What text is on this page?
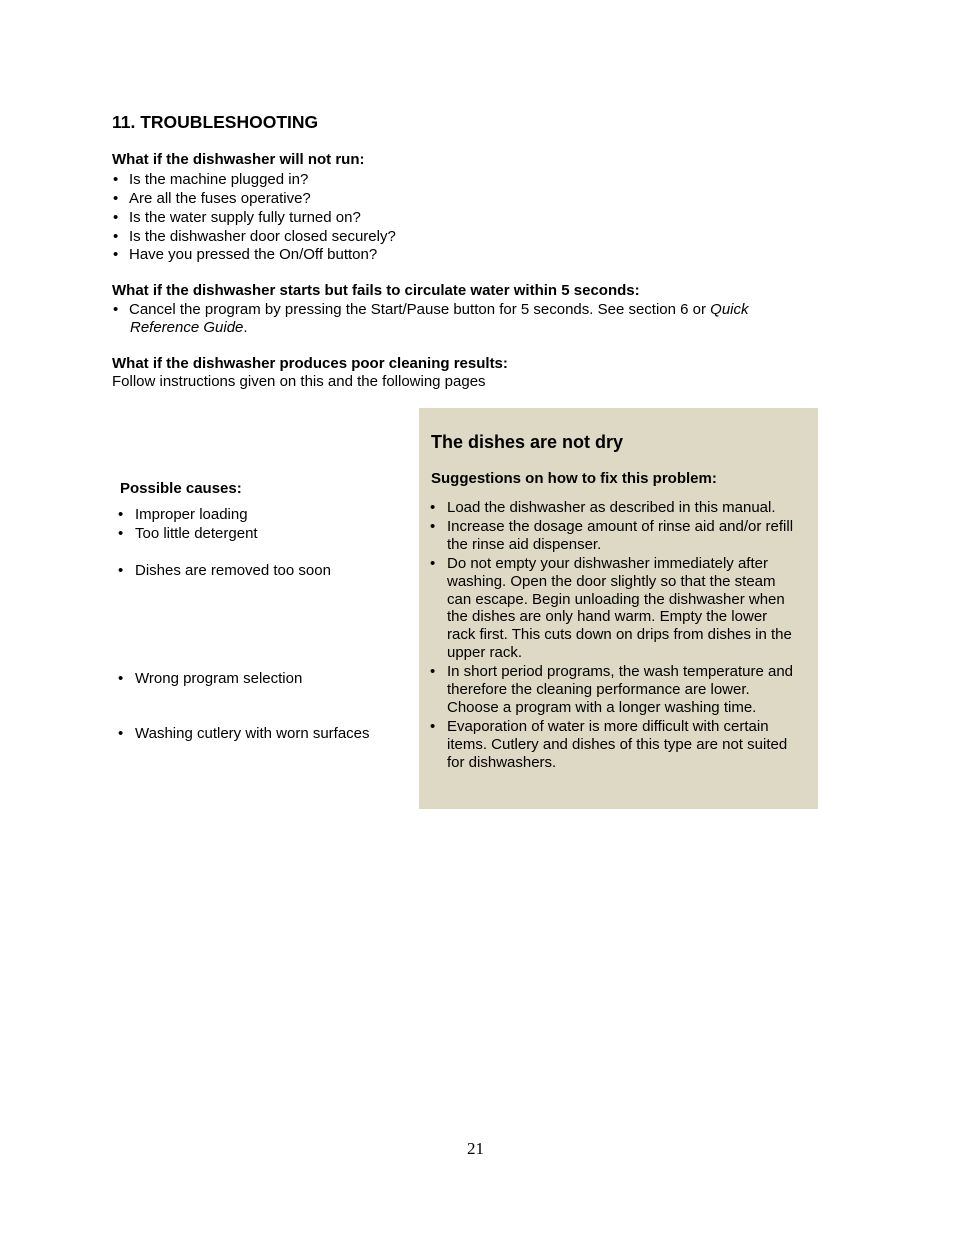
11. TROUBLESHOOTING
What if the dishwasher will not run:
• Is the machine plugged in?
• Are all the fuses operative?
• Is the water supply fully turned on?
• Is the dishwasher door closed securely?
• Have you pressed the On/Off button?
What if the dishwasher starts but fails to circulate water within 5 seconds:
• Cancel the program by pressing the Start/Pause button for 5 seconds. See section 6 or Quick
Reference Guide.
What if the dishwasher produces poor cleaning results:
Follow instructions given on this and the following pages
Possible causes:
• Improper loading
• Too little detergent
• Dishes are removed too soon
• Wrong program selection
• Washing cutlery with worn surfaces
The dishes are not dry
Suggestions on how to fix this problem:
• Load the dishwasher as described in this manual.
• Increase the dosage amount of rinse aid and/or refill
the rinse aid dispenser.
• Do not empty your dishwasher immediately after
washing. Open the door slightly so that the steam
can escape. Begin unloading the dishwasher when
the dishes are only hand warm. Empty the lower
rack first. This cuts down on drips from dishes in the
upper rack.
• In short period programs, the wash temperature and
therefore the cleaning performance are lower.
Choose a program with a longer washing time.
• Evaporation of water is more difficult with certain
items. Cutlery and dishes of this type are not suited
for dishwashers.
21
